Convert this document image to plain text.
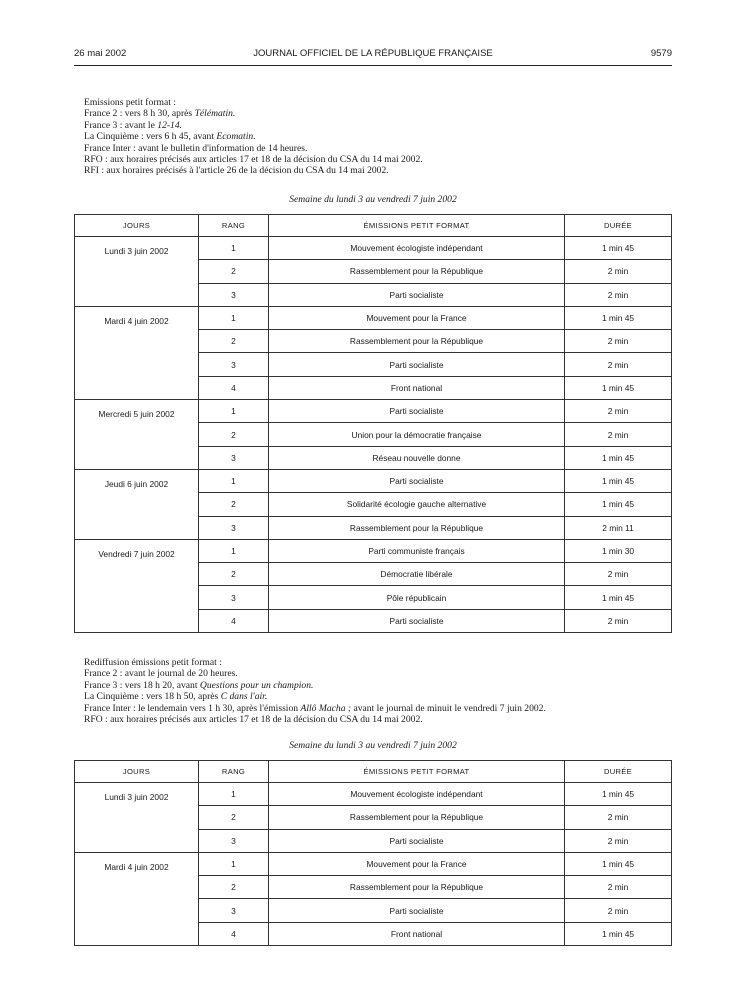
26 mai 2002	JOURNAL OFFICIEL DE LA RÉPUBLIQUE FRANÇAISE	9579
Emissions petit format :
France 2 : vers 8 h 30, après Télématin.
France 3 : avant le 12-14.
La Cinquième : vers 6 h 45, avant Ecomatin.
France Inter : avant le bulletin d'information de 14 heures.
RFO : aux horaires précisés aux articles 17 et 18 de la décision du CSA du 14 mai 2002.
RFI : aux horaires précisés à l'article 26 de la décision du CSA du 14 mai 2002.
Semaine du lundi 3 au vendredi 7 juin 2002
JOURS	RANG	ÉMISSIONS PETIT FORMAT	DURÉE
Lundi 3 juin 2002	1	Mouvement écologiste indépendant	1 min 45
	2	Rassemblement pour la République	2 min
	3	Parti socialiste	2 min
Mardi 4 juin 2002	1	Mouvement pour la France	1 min 45
	2	Rassemblement pour la République	2 min
	3	Parti socialiste	2 min
	4	Front national	1 min 45
Mercredi 5 juin 2002	1	Parti socialiste	2 min
	2	Union pour la démocratie française	2 min
	3	Réseau nouvelle donne	1 min 45
Jeudi 6 juin 2002	1	Parti socialiste	1 min 45
	2	Solidarité écologie gauche alternative	1 min 45
	3	Rassemblement pour la République	2 min 11
Vendredi 7 juin 2002	1	Parti communiste français	1 min 30
	2	Démocratie libérale	2 min
	3	Pôle républicain	1 min 45
	4	Parti socialiste	2 min
Rediffusion émissions petit format :
France 2 : avant le journal de 20 heures.
France 3 : vers 18 h 20, avant Questions pour un champion.
La Cinquième : vers 18 h 50, après C dans l'air.
France Inter : le lendemain vers 1 h 30, après l'émission Allô Macha ; avant le journal de minuit le vendredi 7 juin 2002.
RFO : aux horaires précisés aux articles 17 et 18 de la décision du CSA du 14 mai 2002.
Semaine du lundi 3 au vendredi 7 juin 2002
JOURS	RANG	ÉMISSIONS PETIT FORMAT	DURÉE
Lundi 3 juin 2002	1	Mouvement écologiste indépendant	1 min 45
	2	Rassemblement pour la République	2 min
	3	Parti socialiste	2 min
Mardi 4 juin 2002	1	Mouvement pour la France	1 min 45
	2	Rassemblement pour la République	2 min
	3	Parti socialiste	2 min
	4	Front national	1 min 45
